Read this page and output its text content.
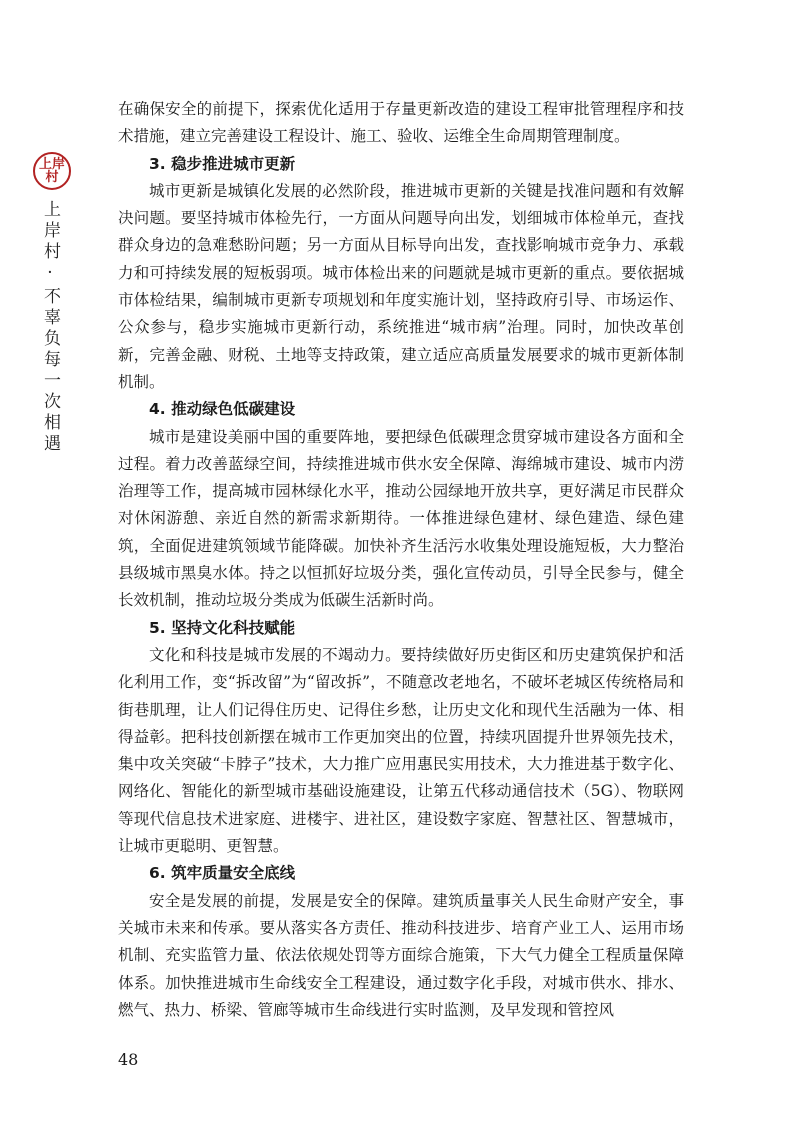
上岸
村
上岸村·不辜负每一次相遇

在确保安全的前提下，探索优化适用于存量更新改造的建设工程审批管理程序和技术措施，建立完善建设工程设计、施工、验收、运维全生命周期管理制度。

3. 稳步推进城市更新

城市更新是城镇化发展的必然阶段，推进城市更新的关键是找准问题和有效解决问题。要坚持城市体检先行，一方面从问题导向出发，划细城市体检单元，查找群众身边的急难愁盼问题；另一方面从目标导向出发，查找影响城市竞争力、承载力和可持续发展的短板弱项。城市体检出来的问题就是城市更新的重点。要依据城市体检结果，编制城市更新专项规划和年度实施计划，坚持政府引导、市场运作、公众参与，稳步实施城市更新行动，系统推进“城市病”治理。同时，加快改革创新，完善金融、财税、土地等支持政策，建立适应高质量发展要求的城市更新体制机制。

4. 推动绿色低碳建设

城市是建设美丽中国的重要阵地，要把绿色低碳理念贯穿城市建设各方面和全过程。着力改善蓝绿空间，持续推进城市供水安全保障、海绵城市建设、城市内涝治理等工作，提高城市园林绿化水平，推动公园绿地开放共享，更好满足市民群众对休闲游憩、亲近自然的新需求新期待。一体推进绿色建材、绿色建造、绿色建筑，全面促进建筑领域节能降碳。加快补齐生活污水收集处理设施短板，大力整治县级城市黑臭水体。持之以恒抓好垃圾分类，强化宣传动员，引导全民参与，健全长效机制，推动垃圾分类成为低碳生活新时尚。

5. 坚持文化科技赋能

文化和科技是城市发展的不竭动力。要持续做好历史街区和历史建筑保护和活化利用工作，变“拆改留”为“留改拆”，不随意改老地名，不破坏老城区传统格局和街巷肌理，让人们记得住历史、记得住乡愁，让历史文化和现代生活融为一体、相得益彰。把科技创新摆在城市工作更加突出的位置，持续巩固提升世界领先技术，集中攻关突破“卡脖子”技术，大力推广应用惠民实用技术，大力推进基于数字化、网络化、智能化的新型城市基础设施建设，让第五代移动通信技术（5G）、物联网等现代信息技术进家庭、进楼宇、进社区，建设数字家庭、智慧社区、智慧城市，让城市更聪明、更智慧。

6. 筑牢质量安全底线

安全是发展的前提，发展是安全的保障。建筑质量事关人民生命财产安全，事关城市未来和传承。要从落实各方责任、推动科技进步、培育产业工人、运用市场机制、充实监管力量、依法依规处罚等方面综合施策，下大气力健全工程质量保障体系。加快推进城市生命线安全工程建设，通过数字化手段，对城市供水、排水、燃气、热力、桥梁、管廊等城市生命线进行实时监测，及早发现和管控风

48
